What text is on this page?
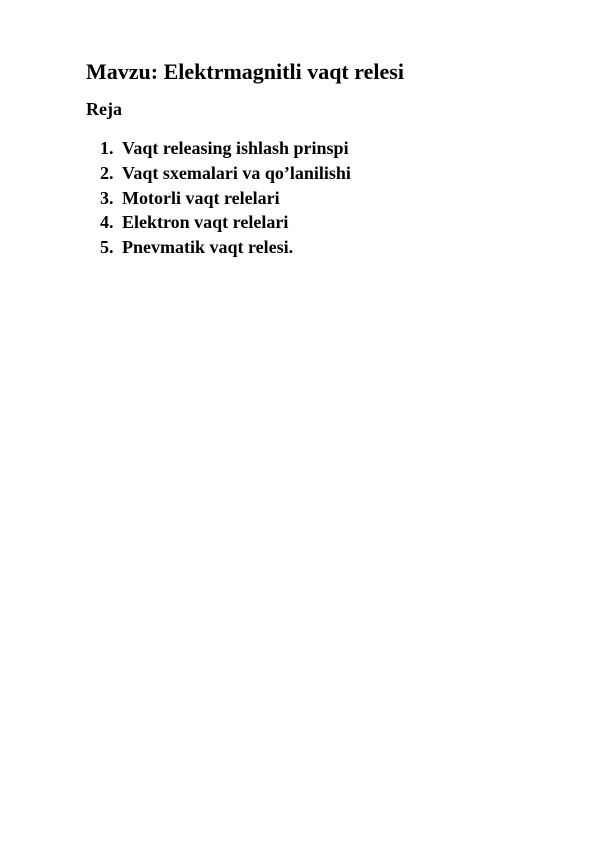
Mavzu: Elektrmagnitli vaqt relesi
Reja
1. Vaqt releasing ishlash prinspi
2. Vaqt sxemalari va qo’lanilishi
3. Motorli vaqt relelari
4. Elektron vaqt relelari
5. Pnevmatik vaqt relesi.
